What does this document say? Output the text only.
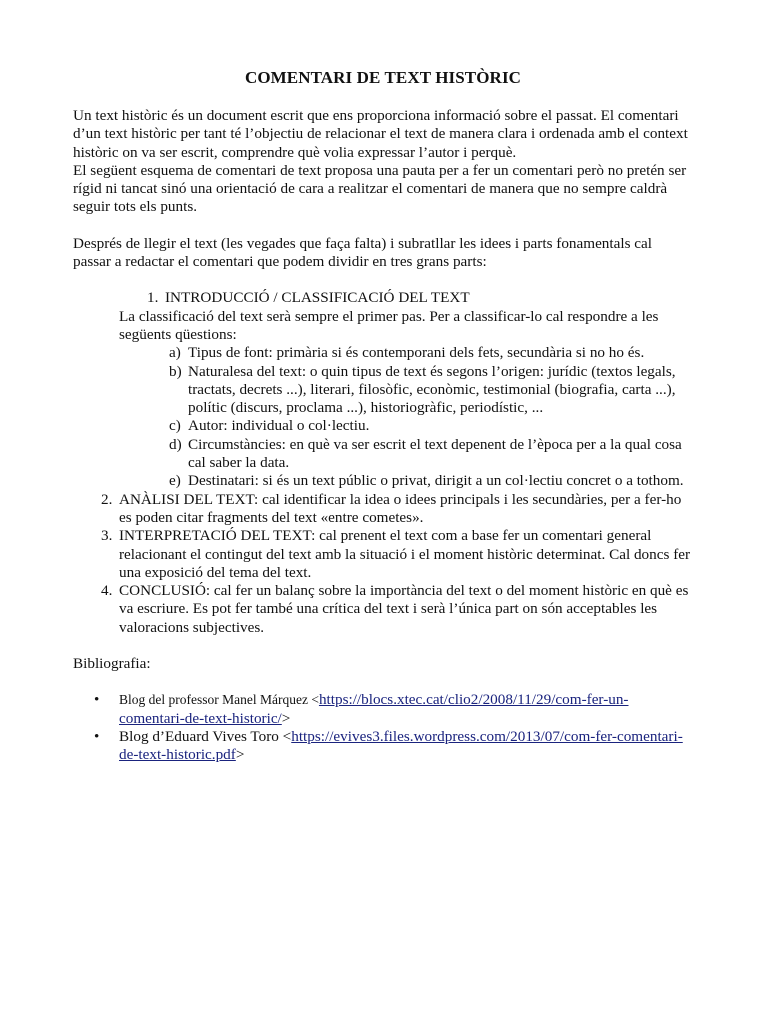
COMENTARI DE TEXT HISTÒRIC

Un text històric és un document escrit que ens proporciona informació sobre el passat. El comentari d’un text històric per tant té l’objectiu de relacionar el text de manera clara i ordenada amb el context històric on va ser escrit, comprendre què volia expressar l’autor i perquè.

El següent esquema de comentari de text proposa una pauta per a fer un comentari però no pretén ser rígid ni tancat sinó una orientació de cara a realitzar el comentari de manera que no sempre caldrà seguir tots els punts.

Després de llegir el text (les vegades que faça falta) i subratllar les idees i parts fonamentals cal passar a redactar el comentari que podem dividir en tres grans parts:

1. INTRODUCCIÓ / CLASSIFICACIÓ DEL TEXT

La classificació del text serà sempre el primer pas. Per a classificar-lo cal respondre a les següents qüestions:

a) Tipus de font: primària si és contemporani dels fets, secundària si no ho és.
b) Naturalesa del text: o quin tipus de text és segons l’origen: jurídic (textos legals, tractats, decrets ...), literari, filosòfic, econòmic, testimonial (biografia, carta ...), polític (discurs, proclama ...), historiogràfic, periodístic, ...
c) Autor: individual o col·lectiu.
d) Circumstàncies: en què va ser escrit el text depenent de l’època per a la qual cosa cal saber la data.
e) Destinatari: si és un text públic o privat, dirigit a un col·lectiu concret o a tothom.
2. ANÀLISI DEL TEXT: cal identificar la idea o idees principals i les secundàries, per a fer-ho es poden citar fragments del text «entre cometes».
3. INTERPRETACIÓ DEL TEXT: cal prenent el text com a base fer un comentari general relacionant el contingut del text amb la situació i el moment històric determinat. Cal doncs fer una exposició del tema del text.
4. CONCLUSIÓ: cal fer un balanç sobre la importància del text o del moment històric en què es va escriure. Es pot fer també una crítica del text i serà l’única part on són acceptables les valoracions subjectives.

Bibliografia:

• Blog del professor Manel Márquez <https://blocs.xtec.cat/clio2/2008/11/29/com-fer-un-comentari-de-text-historic/>
• Blog d’Eduard Vives Toro <https://evives3.files.wordpress.com/2013/07/com-fer-comentari-de-text-historic.pdf>
